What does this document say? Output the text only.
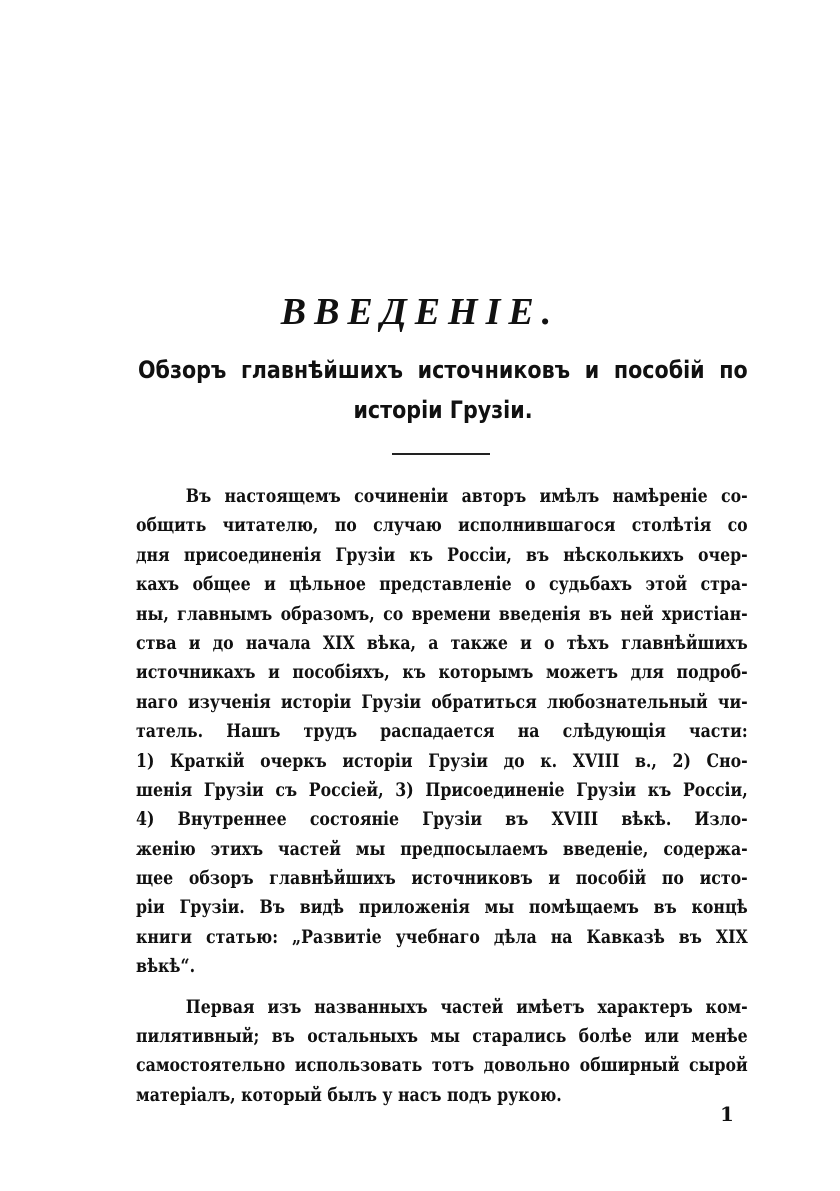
ВВЕДЕНІЕ.
Обзоръ главнѣйшихъ источниковъ и пособій по
исторіи Грузіи.
Въ настоящемъ сочиненіи авторъ имѣлъ намѣреніе со-
общить читателю, по случаю исполнившагося столѣтія со
дня присоединенія Грузіи къ Россіи, въ нѣсколькихъ очер-
кахъ общее и цѣльное представленіе о судьбахъ этой стра-
ны, главнымъ образомъ, со времени введенія въ ней христіан-
ства и до начала XIX вѣка, а также и о тѣхъ главнѣйшихъ
источникахъ и пособіяхъ, къ которымъ можетъ для подроб-
наго изученія исторіи Грузіи обратиться любознательный чи-
татель. Нашъ трудъ распадается на слѣдующія части:
1) Краткій очеркъ исторіи Грузіи до к. XVIII в., 2) Сно-
шенія Грузіи съ Россіей, 3) Присоединеніе Грузіи къ Россіи,
4) Внутреннее состояніе Грузіи въ XVIII вѣкѣ. Изло-
женію этихъ частей мы предпосылаемъ введеніе, содержа-
щее обзоръ главнѣйшихъ источниковъ и пособій по исто-
ріи Грузіи. Въ видѣ приложенія мы помѣщаемъ въ концѣ
книги статью: „Развитіе учебнаго дѣла на Кавказѣ въ XIX
вѣкѣ“.
Первая изъ названныхъ частей имѣетъ характеръ ком-
пилятивный; въ остальныхъ мы старались болѣе или менѣе
самостоятельно использовать тотъ довольно обширный сырой
матеріалъ, который былъ у насъ подъ рукою.
1
